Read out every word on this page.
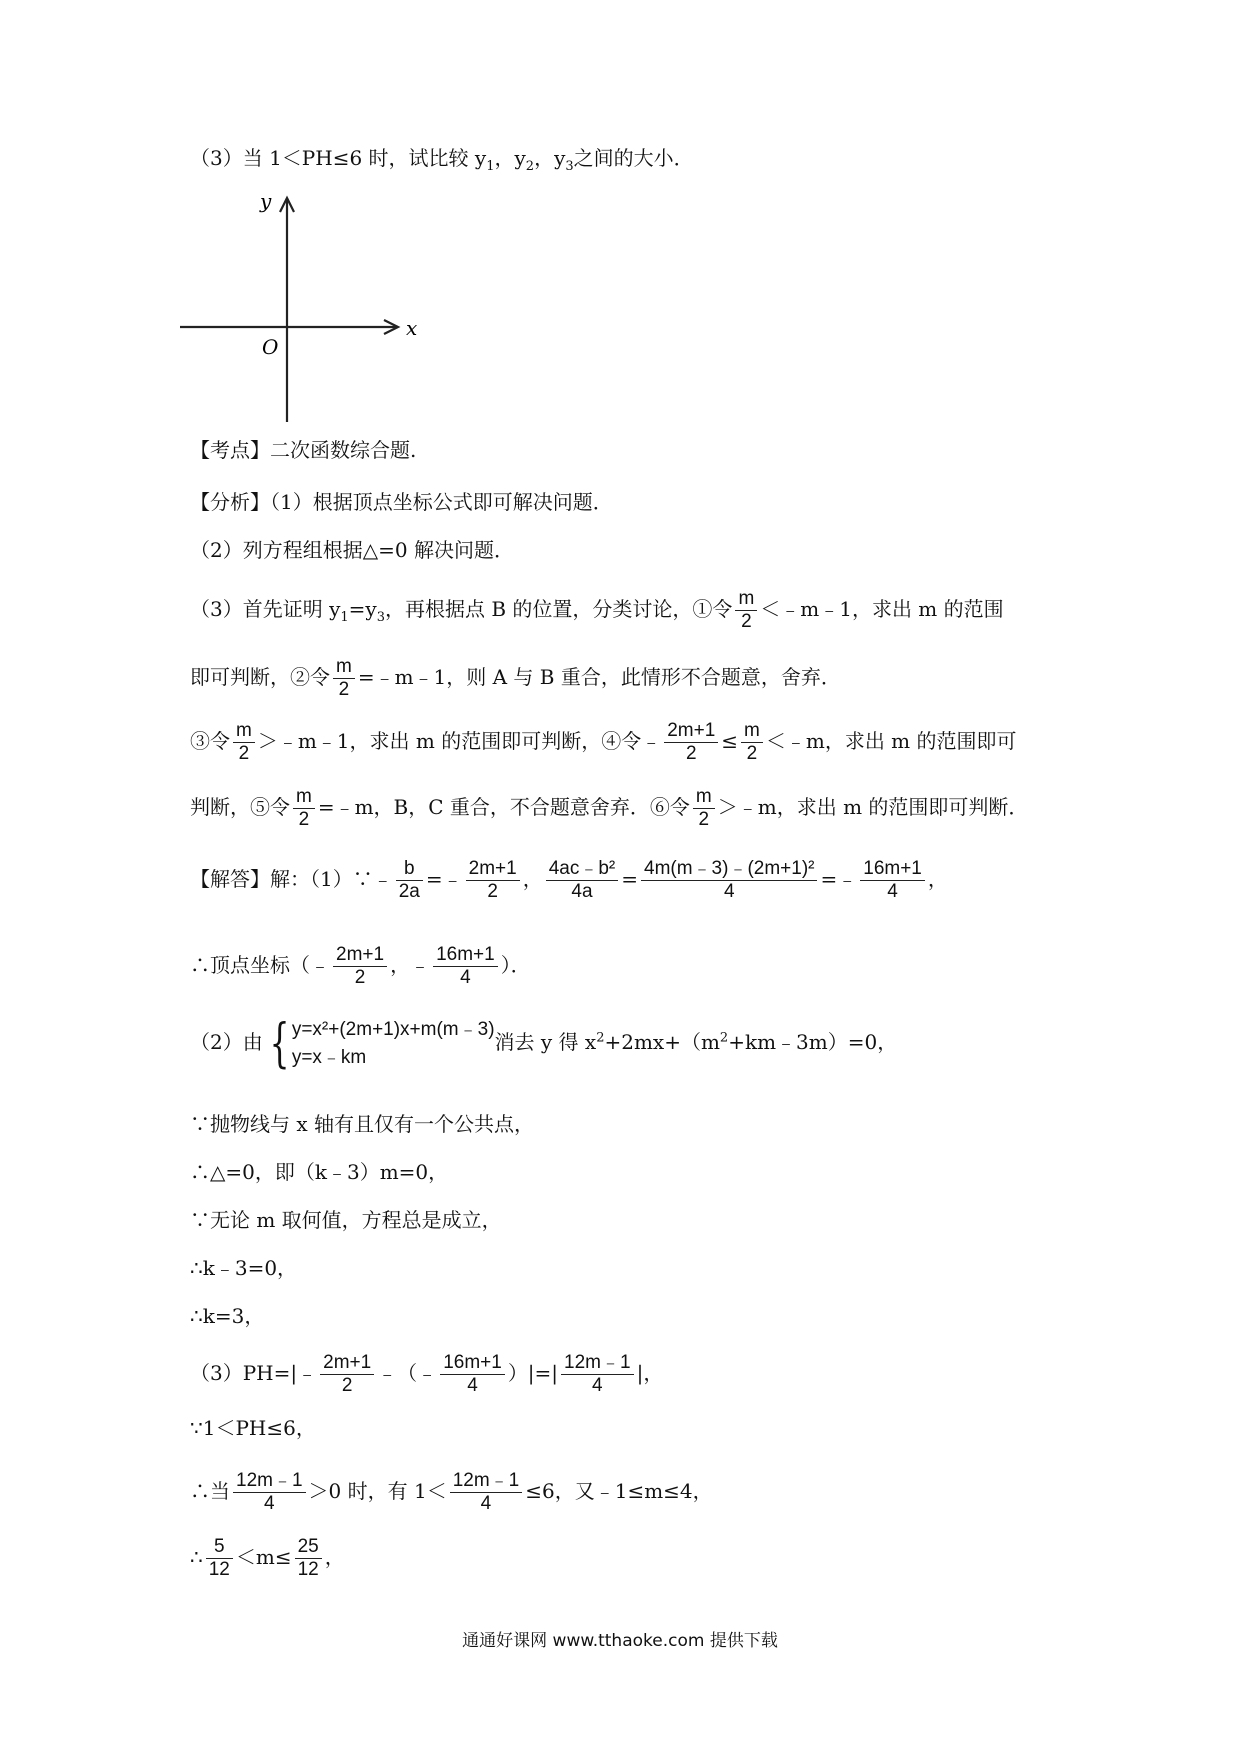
（3）当 1＜PH≤6 时，试比较 $y_1$，$y_2$，$y_3$之间的大小．
y
x
O
【考点】二次函数综合题.
【分析】（1）根据顶点坐标公式即可解决问题．
（2）列方程组根据△=0 解决问题．
（3）首先证明 $y_1=y_3$，再根据点 B 的位置，分类讨论，①令 $\frac{m}{2}$ ＜﹣m﹣1，求出 m 的范围
即可判断，②令 $\frac{m}{2}$ =﹣m﹣1，则 A 与 B 重合，此情形不合题意，舍弃．
③令 $\frac{m}{2}$ ＞﹣m﹣1，求出 m 的范围即可判断，④令﹣ $\frac{2m+1}{2} \le \frac{m}{2}$ ＜﹣m，求出 m 的范围即可
判断，⑤令 $\frac{m}{2}$ =﹣m，B，C 重合，不合题意舍弃．⑥令 $\frac{m}{2}$ ＞﹣m，求出 m 的范围即可判断．
【解答】解：（1）∵﹣ $\frac{b}{2a}$ =﹣ $\frac{2m+1}{2}$ ， $\frac{\text{4ac﹣b²}}{4a} = \frac{\text{4m(m﹣3)﹣(2m+1)²}}{4}$ =﹣ $\frac{16m+1}{4}$ ，
∴顶点坐标（﹣ $\frac{2m+1}{2}$ ，﹣ $\frac{16m+1}{4}$ ）．
（2）由 { y=x²+(2m+1)x+m(m﹣3)
y=x﹣km
消去 y 得 $x^2+2mx+(m^2+km﹣3m)=0$，
∵抛物线与 x 轴有且仅有一个公共点，
∴△=0，即（k﹣3）m=0，
∵无论 m 取何值，方程总是成立，
∴k﹣3=0，
∴k=3，
（3）PH=|﹣ $\frac{2m+1}{2}$ ﹣（﹣ $\frac{16m+1}{4}$ ）|=| $\frac{12m﹣1}{4}$ |，
∵1＜PH≤6，
∴当 $\frac{12m﹣1}{4} >0$ 时，有 $1< \frac{12m﹣1}{4} \le 6$，又﹣1≤m≤4，
∴ $\frac{5}{12} <m\le \frac{25}{12}$ ，
通通好课网 www.tthaoke.com 提供下载
